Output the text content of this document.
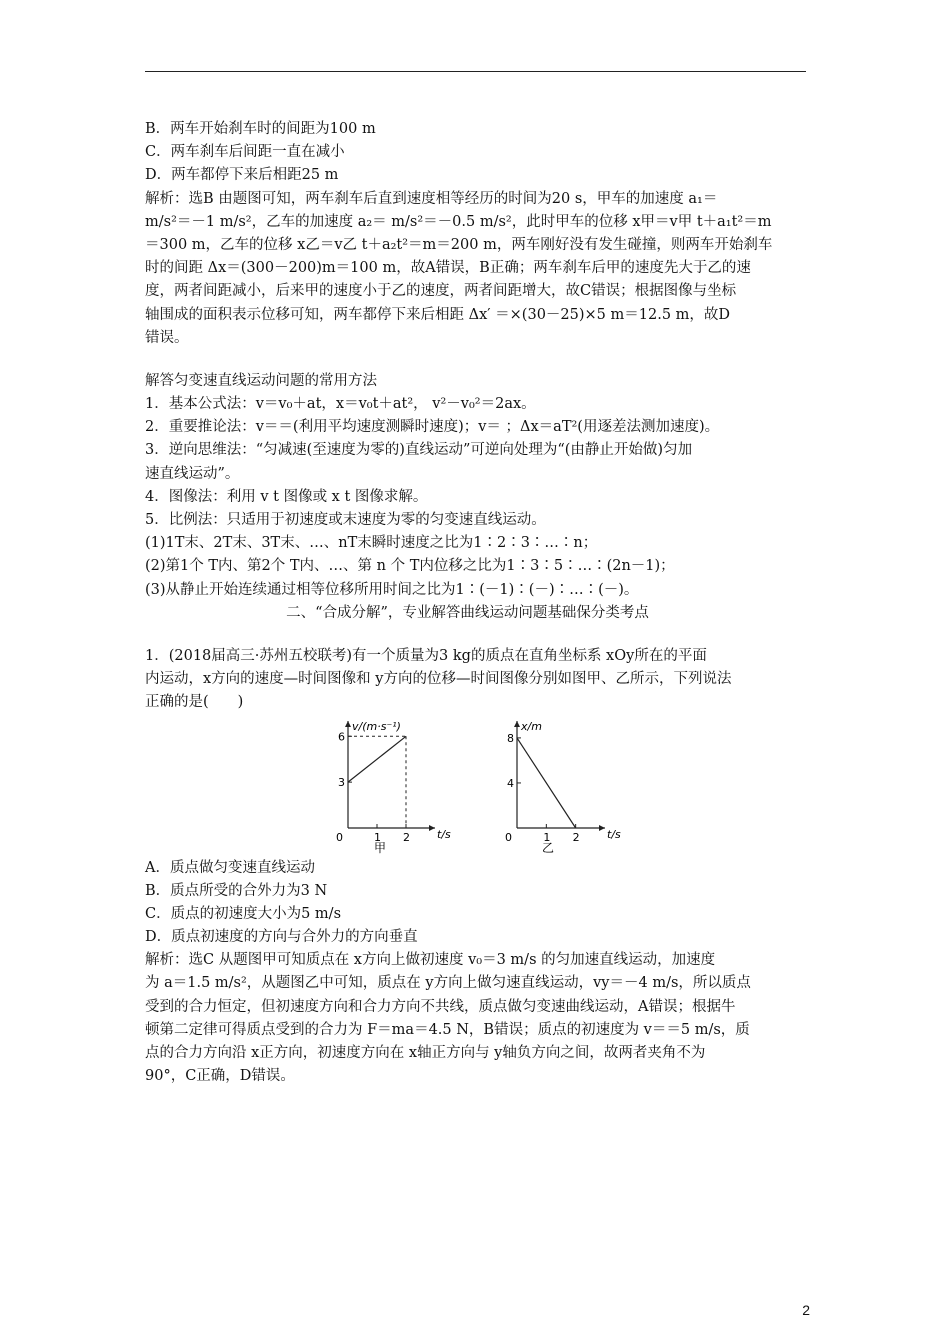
B．两车开始刹车时的间距为100 m
C．两车刹车后间距一直在减小
D．两车都停下来后相距25 m
解析：选B 由题图可知，两车刹车后直到速度相等经历的时间为20 s，甲车的加速度 a₁＝
m/s²＝－1 m/s²，乙车的加速度 a₂＝ m/s²＝－0.5 m/s²，此时甲车的位移 x甲＝v甲 t＋a₁t²＝m
＝300 m，乙车的位移 x乙＝v乙 t＋a₂t²＝m＝200 m，两车刚好没有发生碰撞，则两车开始刹车
时的间距 Δx＝(300－200)m＝100 m，故A错误，B正确；两车刹车后甲的速度先大于乙的速
度，两者间距减小，后来甲的速度小于乙的速度，两者间距增大，故C错误；根据图像与坐标
轴围成的面积表示位移可知，两车都停下来后相距 Δx′ ＝×(30－25)×5 m＝12.5 m，故D
错误。
解答匀变速直线运动问题的常用方法
1．基本公式法：v＝v₀＋at，x＝v₀t＋at²， v²－v₀²＝2ax。
2．重要推论法：v＝＝(利用平均速度测瞬时速度)；v＝ ；Δx＝aT²(用逐差法测加速度)。
3．逆向思维法：“匀减速(至速度为零的)直线运动”可逆向处理为“(由静止开始做)匀加
速直线运动”。
4．图像法：利用 v t 图像或 x t 图像求解。
5．比例法：只适用于初速度或末速度为零的匀变速直线运动。
(1)1T末、2T末、3T末、…、nT末瞬时速度之比为1∶2∶3∶…∶n；
(2)第1个 T内、第2个 T内、…、第 n 个 T内位移之比为1∶3∶5∶…∶(2n－1)；
(3)从静止开始连续通过相等位移所用时间之比为1∶(－1)∶(－)∶…∶(－)。
二、“合成分解”，专业解答曲线运动问题基础保分类考点
1．(2018届高三·苏州五校联考)有一个质量为3 kg的质点在直角坐标系 xOy所在的平面
内运动，x方向的速度—时间图像和 y方向的位移—时间图像分别如图甲、乙所示，下列说法
正确的是(　　)
v/(m·s⁻¹)
t/s
0	1 2
3
6
甲
x/m
t/s
0	1 2
4
8
乙
A．质点做匀变速直线运动
B．质点所受的合外力为3 N
C．质点的初速度大小为5 m/s
D．质点初速度的方向与合外力的方向垂直
解析：选C 从题图甲可知质点在 x方向上做初速度 v₀＝3 m/s 的匀加速直线运动，加速度
为 a＝1.5 m/s²，从题图乙中可知，质点在 y方向上做匀速直线运动，vy＝－4 m/s，所以质点
受到的合力恒定，但初速度方向和合力方向不共线，质点做匀变速曲线运动，A错误；根据牛
顿第二定律可得质点受到的合力为 F＝ma＝4.5 N，B错误；质点的初速度为 v＝＝5 m/s，质
点的合力方向沿 x正方向，初速度方向在 x轴正方向与 y轴负方向之间，故两者夹角不为
90°，C正确，D错误。
2
